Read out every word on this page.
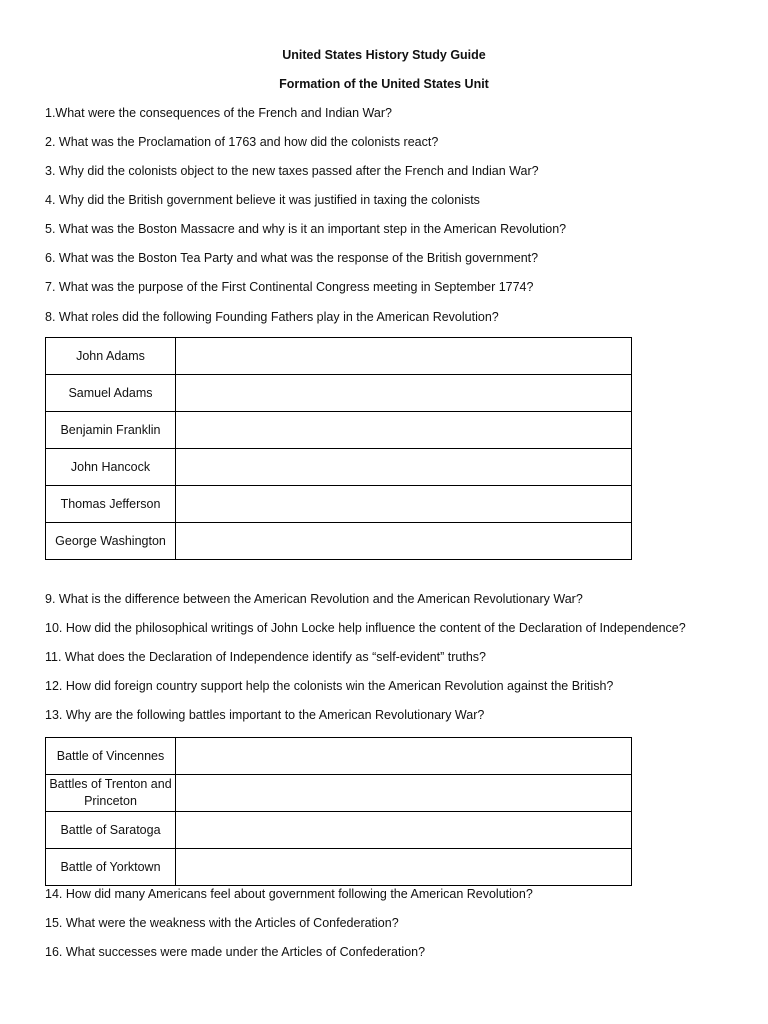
United States History Study Guide
Formation of the United States Unit
1.What were the consequences of the French and Indian War?
2. What was the Proclamation of 1763 and how did the colonists react?
3. Why did the colonists object to the new taxes passed after the French and Indian War?
4. Why did the British government believe it was justified in taxing the colonists
5. What was the Boston Massacre and why is it an important step in the American Revolution?
6. What was the Boston Tea Party and what was the response of the British government?
7. What was the purpose of the First Continental Congress meeting in September 1774?
8. What roles did the following Founding Fathers play in the American Revolution?
John Adams	
Samuel Adams	
Benjamin Franklin	
John Hancock	
Thomas Jefferson	
George Washington	
9. What is the difference between the American Revolution and the American Revolutionary War?
10. How did the philosophical writings of John Locke help influence the content of the Declaration of Independence?
11. What does the Declaration of Independence identify as “self-evident” truths?
12. How did foreign country support help the colonists win the American Revolution against the British?
13. Why are the following battles important to the American Revolutionary War?
Battle of Vincennes	
Battles of Trenton and Princeton	
Battle of Saratoga	
Battle of Yorktown	
14. How did many Americans feel about government following the American Revolution?
15. What were the weakness with the Articles of Confederation?
16. What successes were made under the Articles of Confederation?
